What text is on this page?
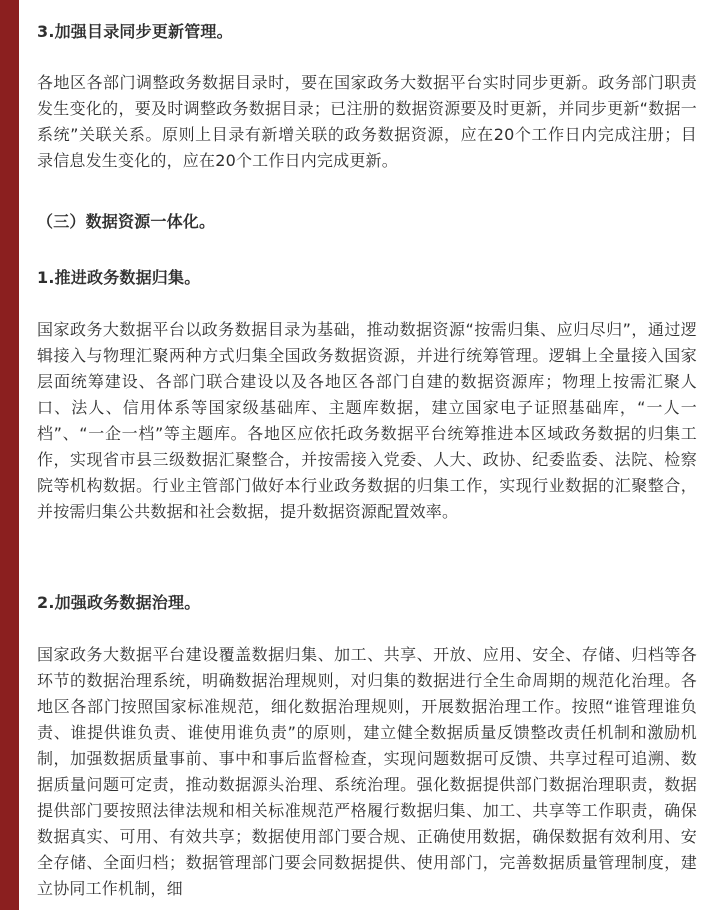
3.加强目录同步更新管理。

各地区各部门调整政务数据目录时，要在国家政务大数据平台实时同步更新。政务部门职责发生变化的，要及时调整政务数据目录；已注册的数据资源要及时更新，并同步更新“数据一系统”关联关系。原则上目录有新增关联的政务数据资源，应在20个工作日内完成注册；目录信息发生变化的，应在20个工作日内完成更新。

（三）数据资源一体化。

1.推进政务数据归集。

国家政务大数据平台以政务数据目录为基础，推动数据资源“按需归集、应归尽归”，通过逻辑接入与物理汇聚两种方式归集全国政务数据资源，并进行统筹管理。逻辑上全量接入国家层面统筹建设、各部门联合建设以及各地区各部门自建的数据资源库；物理上按需汇聚人口、法人、信用体系等国家级基础库、主题库数据，建立国家电子证照基础库，“一人一档”、“一企一档”等主题库。各地区应依托政务数据平台统筹推进本区域政务数据的归集工作，实现省市县三级数据汇聚整合，并按需接入党委、人大、政协、纪委监委、法院、检察院等机构数据。行业主管部门做好本行业政务数据的归集工作，实现行业数据的汇聚整合，并按需归集公共数据和社会数据，提升数据资源配置效率。

2.加强政务数据治理。

国家政务大数据平台建设覆盖数据归集、加工、共享、开放、应用、安全、存储、归档等各环节的数据治理系统，明确数据治理规则，对归集的数据进行全生命周期的规范化治理。各地区各部门按照国家标准规范，细化数据治理规则，开展数据治理工作。按照“谁管理谁负责、谁提供谁负责、谁使用谁负责”的原则，建立健全数据质量反馈整改责任机制和激励机制，加强数据质量事前、事中和事后监督检查，实现问题数据可反馈、共享过程可追溯、数据质量问题可定责，推动数据源头治理、系统治理。强化数据提供部门数据治理职责，数据提供部门要按照法律法规和相关标准规范严格履行数据归集、加工、共享等工作职责，确保数据真实、可用、有效共享；数据使用部门要合规、正确使用数据，确保数据有效利用、安全存储、全面归档；数据管理部门要会同数据提供、使用部门，完善数据质量管理制度，建立协同工作机制，细
